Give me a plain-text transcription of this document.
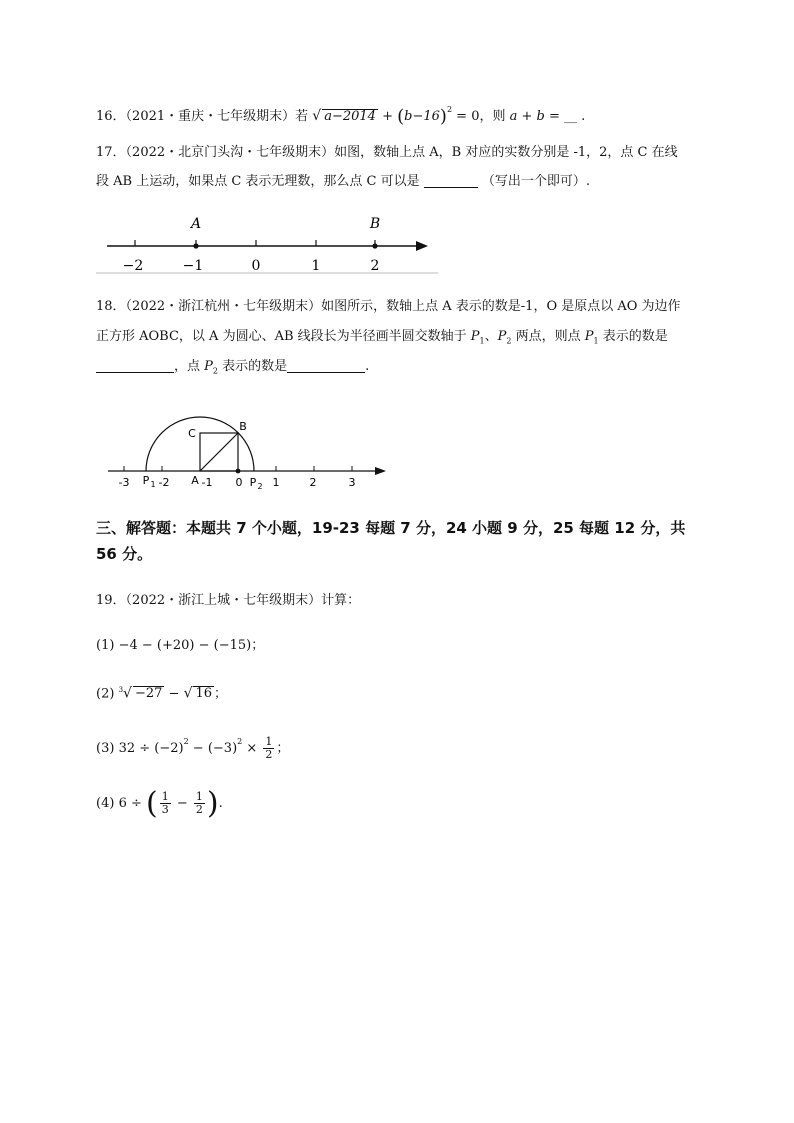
16．（2021・重庆・七年级期末）若 √ $a-2014 + (b-16)^2 = 0$，则 a + b = __ .
17．（2022・北京门头沟・七年级期末）如图，数轴上点 A，B 对应的实数分别是 -1，2，点 C 在线
段 AB 上运动，如果点 C 表示无理数，那么点 C 可以是	（写出一个即可）.
A	B
−2	−1	0	1	2
18．（2022・浙江杭州・七年级期末）如图所示，数轴上点 A 表示的数是-1，O 是原点以 AO 为边作
正方形 AOBC，以 A 为圆心、AB 线段长为半径画半圆交数轴于 $P_1$、$P_2$ 两点，则点 $P_1$ 表示的数是
，点 $P_2$ 表示的数是	.
C
B
-3 P 1 -2 A -1 0 P 2 1	2	3
三、解答题：本题共 7 个小题，19-23 每题 7 分，24 小题 9 分，25 每题 12 分，共 56 分。
19．（2022・浙江上城・七年级期末）计算：
(1) −4 − (+20) − (−15)；
(2) $^3$√ −27 − √ 16 ；
(3) $32 \div (-2)^2 - (-3)^2 \times \frac{1}{2}$ ；
(4) 6 ÷ ( $\frac{1}{3} - \frac{1}{2}$ ).
